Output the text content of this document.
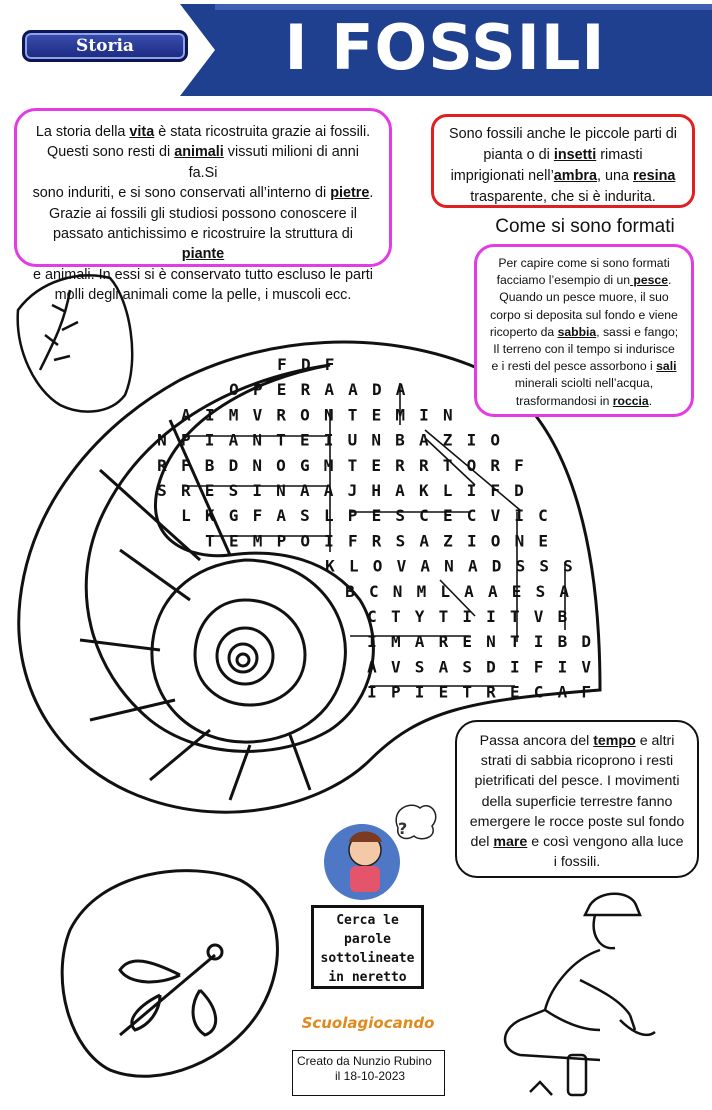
?
F D F
O P E R A A D A
A I M V R O N T E M I N
N P I A N T E I U N B A Z I O
R F B D N O G M T E R R T O R F
S R E S I N A A J H A K L I F D
L K G F A S L P E S C E C V I C
T E M P O I F R S A Z I O N E
K L O V A N A D S S S
B C N M L A A E S A
C T Y T I I T V B
I M A R E N T I B D
A V S A S D I F I V
I P I E T R E C A F
I FOSSILI
Storia

La storia della vita è stata ricostruita grazie ai fossili.

Questi sono resti di animali vissuti milioni di anni fa.Si

sono induriti, e si sono conservati all’interno di pietre.

Grazie ai fossili gli studiosi possono conoscere il

passato antichissimo e ricostruire la struttura di piante

e animali. In essi si è conservato tutto escluso le parti

molli degli animali come la pelle, i muscoli ecc.

Sono fossili anche le piccole parti di

pianta o di insetti rimasti

imprigionati nell’ambra, una resina

trasparente, che si è indurita.

Come si sono formati

Per capire come si sono formati

facciamo l’esempio di un pesce.

Quando un pesce muore, il suo

corpo si deposita sul fondo e viene

ricoperto da sabbia, sassi e fango;

Il terreno con il tempo si indurisce

e i resti del pesce assorbono i sali

minerali sciolti nell’acqua,

trasformandosi in roccia.

Passa ancora del tempo e altri

strati di sabbia ricoprono i resti

pietrificati del pesce. I movimenti

della superficie terrestre fanno

emergere le rocce poste sul fondo

del mare e così vengono alla luce

i fossili.

Cerca le

parole

sottolineate

in neretto

Scuolagiocando

Creato da Nunzio Rubino

il 18-10-2023
